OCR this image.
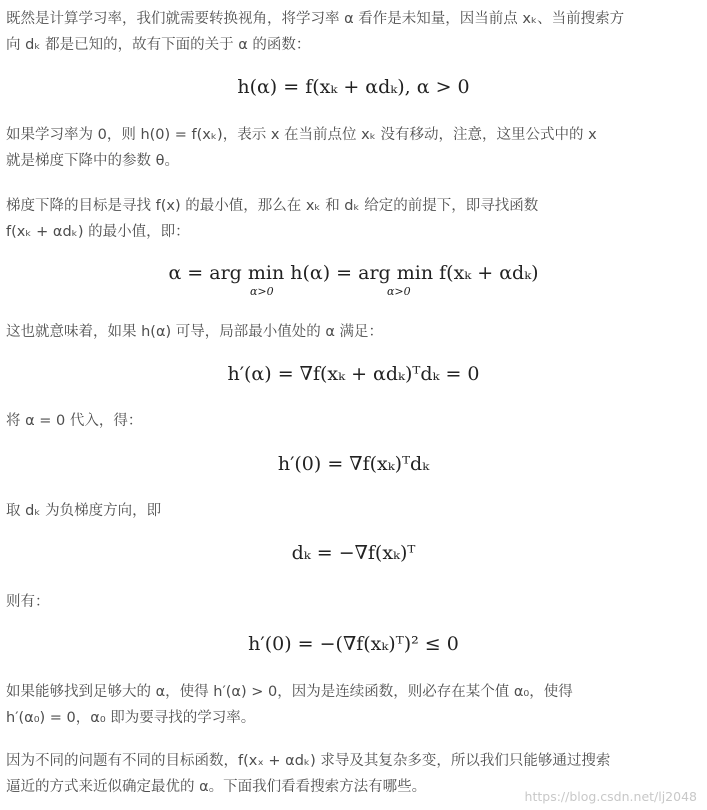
既然是计算学习率，我们就需要转换视角，将学习率 α 看作是未知量，因当前点 xₖ、当前搜索方
向 dₖ 都是已知的，故有下面的关于 α 的函数：
h(α) = f(xₖ + αdₖ), α > 0
如果学习率为 0，则 h(0) = f(xₖ)，表示 x 在当前点位 xₖ 没有移动，注意，这里公式中的 x
就是梯度下降中的参数 θ。
梯度下降的目标是寻找 f(x) 的最小值，那么在 xₖ 和 dₖ 给定的前提下，即寻找函数
f(xₖ + αdₖ) 的最小值，即：
α = arg min h(α) = arg min f(xₖ + αdₖ)
α>0	α>0
这也就意味着，如果 h(α) 可导，局部最小值处的 α 满足：
h′(α) = ∇f(xₖ + αdₖ)ᵀdₖ = 0
将 α = 0 代入，得：
h′(0) = ∇f(xₖ)ᵀdₖ
取 dₖ 为负梯度方向，即
dₖ = −∇f(xₖ)ᵀ
则有：
h′(0) = −(∇f(xₖ)ᵀ)² ≤ 0
如果能够找到足够大的 α，使得 h′(α) > 0，因为是连续函数，则必存在某个值 α₀，使得
h′(α₀) = 0，α₀ 即为要寻找的学习率。
因为不同的问题有不同的目标函数，f(xₓ + αdₖ) 求导及其复杂多变，所以我们只能够通过搜索
逼近的方式来近似确定最优的 α。下面我们看看搜索方法有哪些。
https://blog.csdn.net/lj2048
